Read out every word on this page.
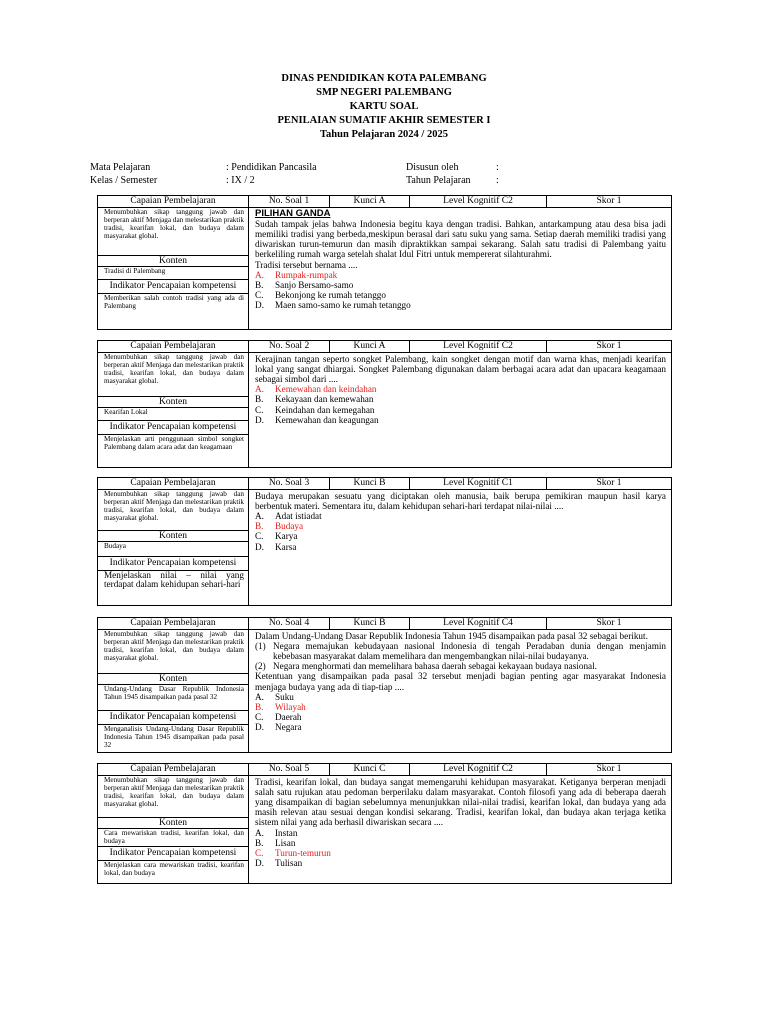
DINAS PENDIDIKAN KOTA PALEMBANG
SMP NEGERI PALEMBANG
KARTU SOAL
PENILAIAN SUMATIF AKHIR SEMESTER I
Tahun Pelajaran 2024 / 2025
Mata Pelajaran	: Pendidikan Pancasila	Disusun oleh	:
Kelas / Semester	: IX / 2	Tahun Pelajaran	:
Capaian Pembelajaran
Menumbuhkan sikap tanggung jawab dan berperan aktif Menjaga dan melestarikan praktik tradisi, kearifan lokal, dan budaya dalam masyarakat global.
Konten
Tradisi di Palembang
Indikator Pencapaian kompetensi
Memberikan salah contoh tradisi yang ada di Palembang
No. Soal 1	Kunci A	Level Kognitif C2	Skor 1
PILIHAN GANDA

Sudah tampak jelas bahwa Indonesia begitu kaya dengan tradisi. Bahkan, antarkampung atau desa bisa jadi memiliki tradisi yang berbeda,meskipun berasal dari satu suku yang sama. Setiap daerah memiliki tradisi yang diwariskan turun-temurun dan masih dipraktikkan sampai sekarang. Salah satu tradisi di Palembang yaitu berkeliling rumah warga setelah shalat Idul Fitri untuk mempererat silahturahmi.

Tradisi tersebut bernama ....

A.	Rumpak-rumpak
B.	Sanjo Bersamo-samo
C.	Bekonjong ke rumah tetanggo
D.	Maen samo-samo ke rumah tetanggo
Capaian Pembelajaran
Menumbuhkan sikap tanggung jawab dan berperan aktif Menjaga dan melestarikan praktik tradisi, kearifan lokal, dan budaya dalam masyarakat global.
Konten
Kearifan Lokal
Indikator Pencapaian kompetensi
Menjelaskan arti penggunaan simbol songket Palembang dalam acara adat dan keagamaan
No. Soal 2	Kunci A	Level Kognitif C2	Skor 1

Kerajinan tangan seperto songket Palembang, kain songket dengan motif dan warna khas, menjadi kearifan lokal yang sangat dhiargai. Songket Palembang digunakan dalam berbagai acara adat dan upacara keagamaan sebagai simbol dari ....

A.	Kemewahan dan keindahan
B.	Kekayaan dan kemewahan
C.	Keindahan dan kemegahan
D.	Kemewahan dan keagungan
Capaian Pembelajaran
Menumbuhkan sikap tanggung jawab dan berperan aktif Menjaga dan melestarikan praktik tradisi, kearifan lokal, dan budaya dalam masyarakat global.
Konten
Budaya
Indikator Pencapaian kompetensi
Menjelaskan nilai – nilai yang terdapat dalam kehidupan sehari-hari
No. Soal 3	Kunci B	Level Kognitif C1	Skor 1

Budaya merupakan sesuatu yang diciptakan oleh manusia, baik berupa pemikiran maupun hasil karya berbentuk materi. Sementara itu, dalam kehidupan sehari-hari terdapat nilai-nilai ....

A.	Adat istiadat
B.	Budaya
C.	Karya
D.	Karsa
Capaian Pembelajaran
Menumbuhkan sikap tanggung jawab dan berperan aktif Menjaga dan melestarikan praktik tradisi, kearifan lokal, dan budaya dalam masyarakat global.
Konten
Undang-Undang Dasar Republik Indonesia Tahun 1945 disampaikan pada pasal 32
Indikator Pencapaian kompetensi
Menganalisis Undang-Undang Dasar Republik Indonesia Tahun 1945 disampaikan pada pasal 32
No. Soal 4	Kunci B	Level Kognitif C4	Skor 1

Dalam Undang-Undang Dasar Republik Indonesia Tahun 1945 disampaikan pada pasal 32 sebagai berikut.

(1) Negara memajukan kebudayaan nasional Indonesia di tengah Peradaban dunia dengan menjamin kebebasan masyarakat dalam memelihara dan mengembangkan nilai-nilai budayanya.
(2) Negara menghormati dan memelihara bahasa daerah sebagai kekayaan budaya nasional.

Ketentuan yang disampaikan pada pasal 32 tersebut menjadi bagian penting agar masyarakat Indonesia menjaga budaya yang ada di tiap-tiap ....

A.	Suku
B.	Wilayah
C.	Daerah
D.	Negara
Capaian Pembelajaran
Menumbuhkan sikap tanggung jawab dan berperan aktif Menjaga dan melestarikan praktik tradisi, kearifan lokal, dan budaya dalam masyarakat global.
Konten
Cara mewariskan tradisi, kearifan lokal, dan budaya
Indikator Pencapaian kompetensi
Menjelaskan cara mewariskan tradisi, kearifan lokal, dan budaya
No. Soal 5	Kunci C	Level Kognitif C2	Skor 1

Tradisi, kearifan lokal, dan budaya sangat memengaruhi kehidupan masyarakat. Ketiganya berperan menjadi salah satu rujukan atau pedoman berperilaku dalam masyarakat. Contoh filosofi yang ada di beberapa daerah yang disampaikan di bagian sebelumnya menunjukkan nilai-nilai tradisi, kearifan lokal, dan budaya yang ada masih relevan atau sesuai dengan kondisi sekarang. Tradisi, kearifan lokal, dan budaya akan terjaga ketika sistem nilai yang ada berhasil diwariskan secara ....

A.	Instan
B.	Lisan
C.	Turun-temurun
D.	Tulisan
